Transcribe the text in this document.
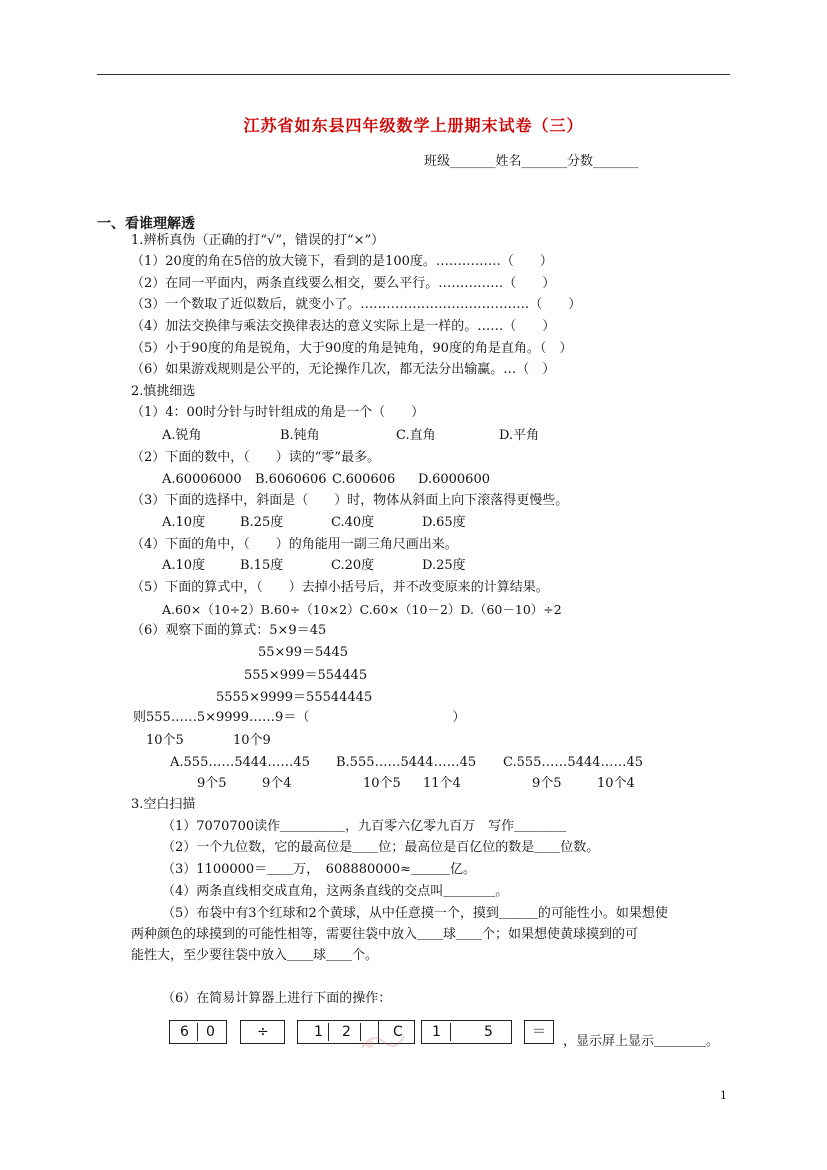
江苏省如东县四年级数学上册期末试卷（三）
班级_______姓名_______分数_______
一、看谁理解透
1.辨析真伪（正确的打“√”，错误的打“×”）
（1）20度的角在5倍的放大镜下，看到的是100度。……………（　　）
（2）在同一平面内，两条直线要么相交，要么平行。……………（　　）
（3）一个数取了近似数后，就变小了。…………………………………（　　）
（4）加法交换律与乘法交换律表达的意义实际上是一样的。……（　　）
（5）小于90度的角是锐角，大于90度的角是钝角，90度的角是直角。（　）
（6）如果游戏规则是公平的，无论操作几次，都无法分出输赢。…（　）
2.慎挑细选
（1）4：00时分针与时针组成的角是一个（　　）
A.锐角	B.钝角	C.直角	D.平角
（2）下面的数中，（　　）读的“零”最多。
A.60006000 B.6060606 C.600606 D.6000600
（3）下面的选择中，斜面是（　　）时，物体从斜面上向下滚落得更慢些。
A.10度	B.25度	C.40度	D.65度
（4）下面的角中，（　　）的角能用一副三角尺画出来。
A.10度	B.15度	C.20度	D.25度
（5）下面的算式中，（　　）去掉小括号后，并不改变原来的计算结果。
A.60×（10÷2）B.60÷（10×2）C.60×（10－2）D.（60－10）÷2
（6）观察下面的算式：5×9＝45
55×99＝5445
555×999＝554445
5555×9999＝55544445
则555……5×9999……9＝（　　　　　　　　　　　）
10个5	10个9
A.555……5444……45 B.555……5444……45 C.555……5444……45
9个5	9个4	10个5 11个4	9个5	10个4
3.空白扫描
（1）7070700读作＿＿＿＿＿，九百零六亿零九百万　写作＿＿＿＿
（2）一个九位数，它的最高位是＿＿位；最高位是百亿位的数是＿＿位数。
（3）1100000＝＿＿万，　608880000≈＿＿＿亿。
（4）两条直线相交成直角，这两条直线的交点叫＿＿＿＿。
（5）布袋中有3个红球和2个黄球，从中任意摸一个，摸到＿＿＿的可能性小。如果想使
两种颜色的球摸到的可能性相等，需要往袋中放入＿＿球＿＿个；如果想使黄球摸到的可
能性大，至少要往袋中放入＿＿球＿＿个。
（6）在简易计算器上进行下面的操作：
6 0	÷	1 2	C 1	5	＝
，显示屏上显示＿＿＿＿。
1
